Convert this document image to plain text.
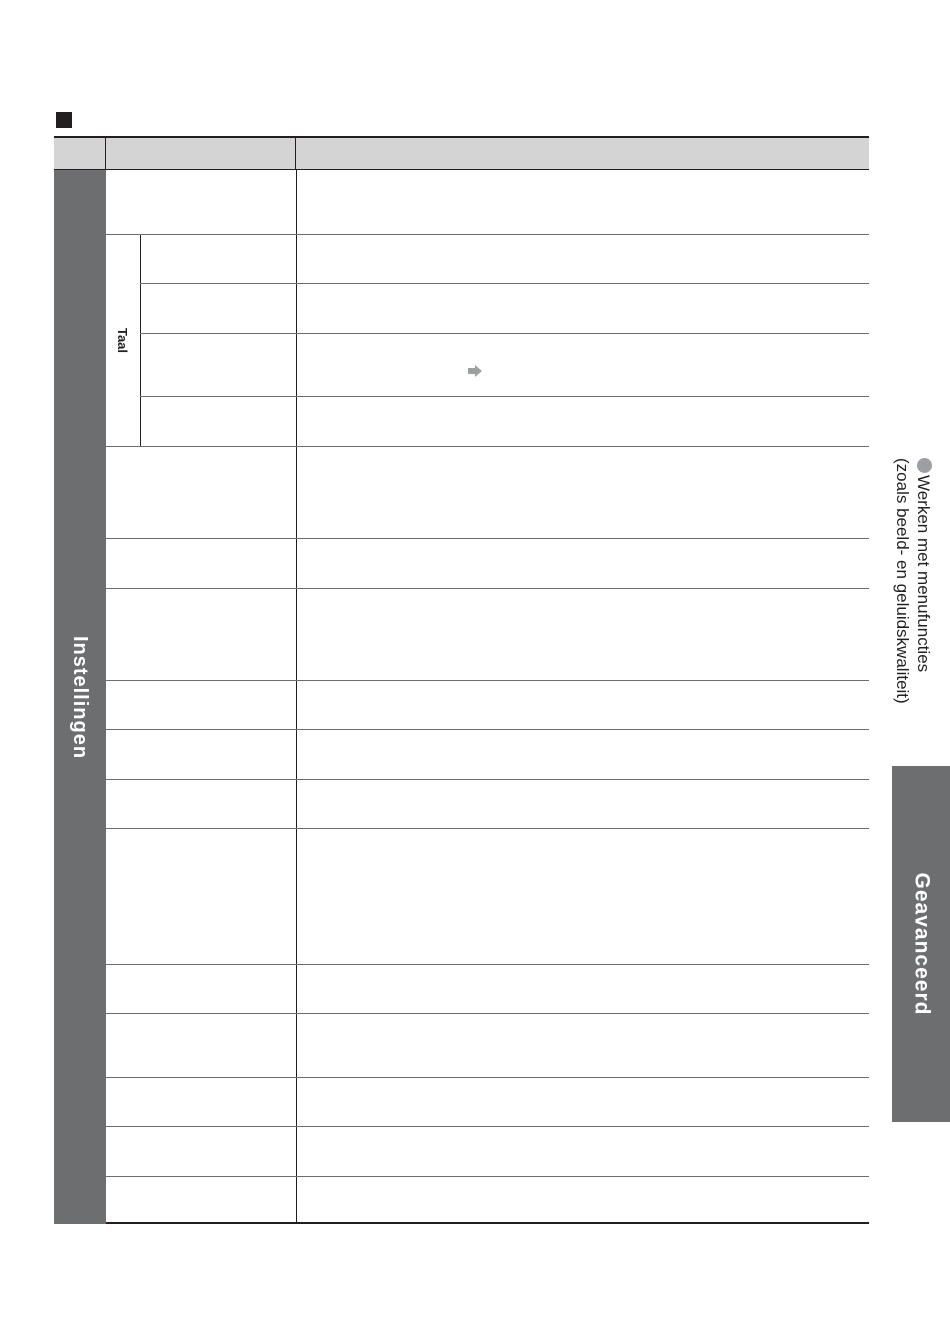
Instellingen
Taal
Geavanceerd
Werken met menufuncties
(zoals beeld- en geluidskwaliteit)
